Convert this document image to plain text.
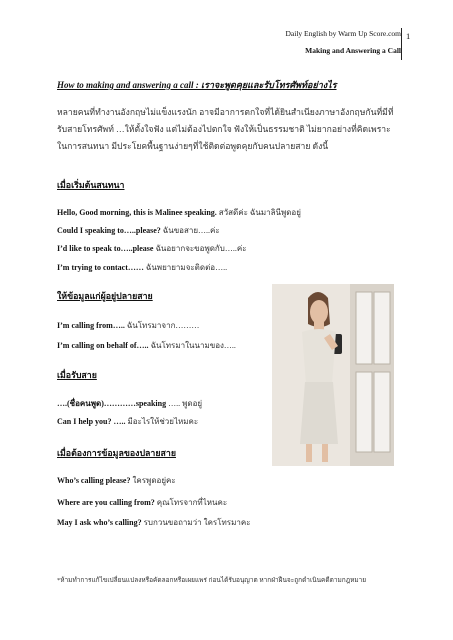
Daily English by Warm Up Score.com
Making and Answering a Call
1
How to making and answering a call : เราจะพูดคุยและรับโทรศัพท์อย่างไร
หลายคนที่ทำงานอังกฤษไม่แข็งแรงนัก อาจมีอาการตกใจที่ได้ยินสำเนียงภาษาอังกฤษกันที่มีที่รับสายโทรศัพท์ …ให้ตั้งใจฟัง แต่ไม่ต้องไปตกใจ ฟังให้เป็นธรรมชาติ ไม่ยากอย่างที่คิดเพราะในการสนทนา มีประโยคพื้นฐานง่ายๆที่ใช้ติดต่อพูดคุยกับคนปลายสาย ดังนี้
เมื่อเริ่มต้นสนทนา
Hello, Good morning, this is Malinee speaking. สวัสดีค่ะ ฉันมาลินีพูดอยู่
Could I speaking to…..please? ฉันขอสาย…..ค่ะ
I’d like to speak to…..please ฉันอยากจะขอพูดกับ…..ค่ะ
I’m trying to contact…… ฉันพยายามจะติดต่อ…..
ให้ข้อมูลแก่ผู้อยู่ปลายสาย
I’m calling from….. ฉันโทรมาจาก………
I’m calling on behalf of….. ฉันโทรมาในนามของ…..
เมื่อรับสาย
….(ชื่อคนพูด)…………speaking ….. พูดอยู่
Can I help you? ….. มีอะไรให้ช่วยไหมคะ
เมื่อต้องการข้อมูลของปลายสาย
Who’s calling please? ใครพูดอยู่คะ
Where are you calling from? คุณโทรจากที่ไหนคะ
May I ask who’s calling? รบกวนขอถามว่า ใครโทรมาคะ
*ห้ามทำการแก้ไขเปลี่ยนแปลงหรือคัดลอกหรือเผยแพร่ ก่อนได้รับอนุญาต หากฝ่าฝืนจะถูกดำเนินคดีตามกฎหมาย
